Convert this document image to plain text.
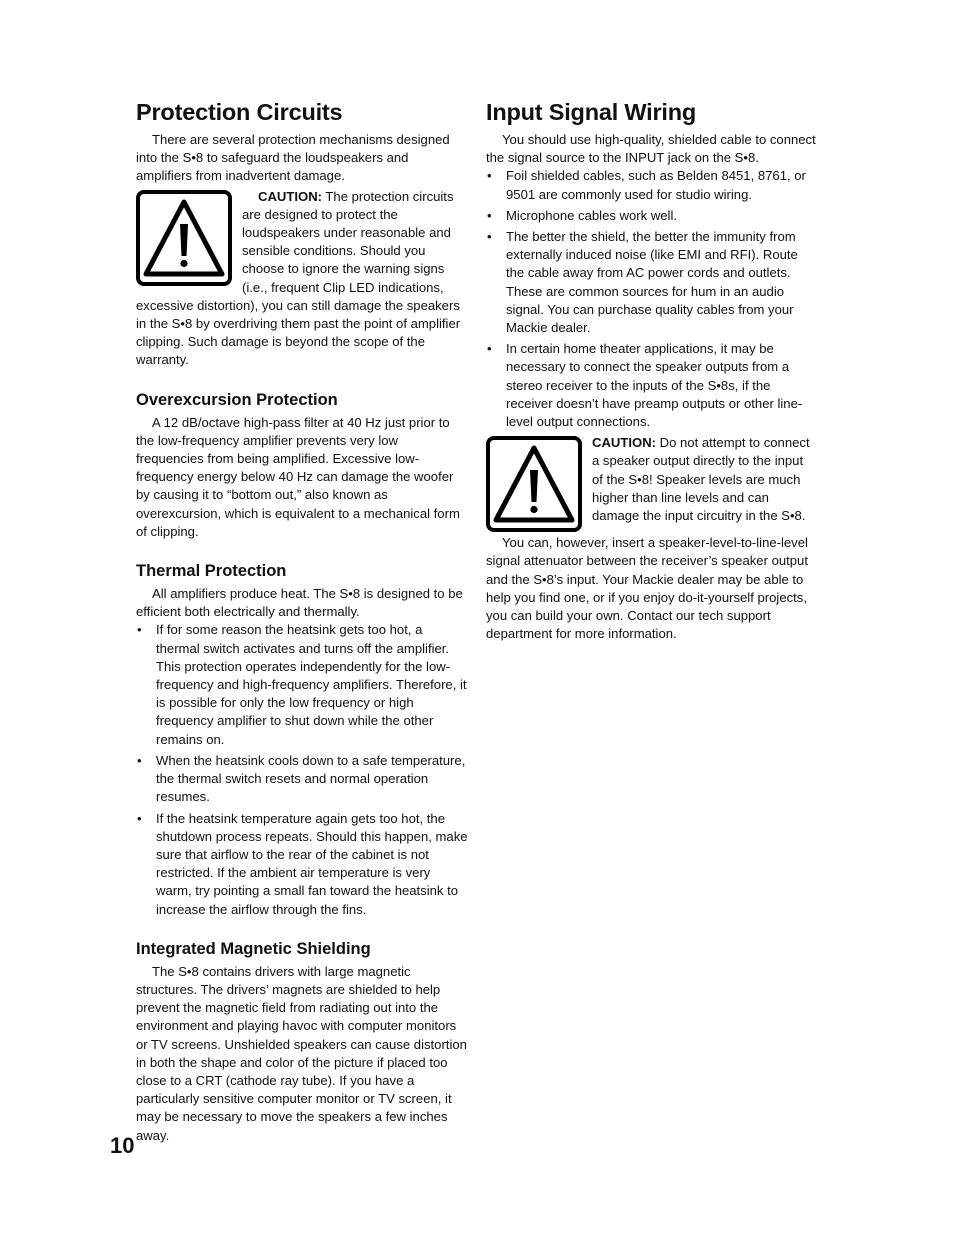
Protection Circuits

There are several protection mechanisms designed into the S•8 to safeguard the loudspeakers and amplifiers from inadvertent damage.

CAUTION: The protection circuits are designed to protect the loudspeakers under reasonable and sensible conditions. Should you choose to ignore the warning signs (i.e., frequent Clip LED indications, excessive distortion), you can still damage the speakers in the S•8 by overdriving them past the point of amplifier clipping. Such damage is beyond the scope of the warranty.

Overexcursion Protection

A 12 dB/octave high-pass filter at 40 Hz just prior to the low-frequency amplifier prevents very low frequencies from being amplified. Excessive low-frequency energy below 40 Hz can damage the woofer by causing it to “bottom out,” also known as overexcursion, which is equivalent to a mechanical form of clipping.

Thermal Protection

All amplifiers produce heat. The S•8 is designed to be efficient both electrically and thermally.

• If for some reason the heatsink gets too hot, a thermal switch activates and turns off the amplifier. This protection operates independently for the low-frequency and high-frequency amplifiers. Therefore, it is possible for only the low frequency or high frequency amplifier to shut down while the other remains on.
• When the heatsink cools down to a safe temperature, the thermal switch resets and normal operation resumes.
• If the heatsink temperature again gets too hot, the shutdown process repeats. Should this happen, make sure that airflow to the rear of the cabinet is not restricted. If the ambient air temperature is very warm, try pointing a small fan toward the heatsink to increase the airflow through the fins.
Integrated Magnetic Shielding

The S•8 contains drivers with large magnetic structures. The drivers’ magnets are shielded to help prevent the magnetic field from radiating out into the environment and playing havoc with computer monitors or TV screens. Unshielded speakers can cause distortion in both the shape and color of the picture if placed too close to a CRT (cathode ray tube). If you have a particularly sensitive computer monitor or TV screen, it may be necessary to move the speakers a few inches away.

Input Signal Wiring

You should use high-quality, shielded cable to connect the signal source to the INPUT jack on the S•8.

• Foil shielded cables, such as Belden 8451, 8761, or 9501 are commonly used for studio wiring.
• Microphone cables work well.
• The better the shield, the better the immunity from externally induced noise (like EMI and RFI). Route the cable away from AC power cords and outlets. These are common sources for hum in an audio signal. You can purchase quality cables from your Mackie dealer.
• In certain home theater applications, it may be necessary to connect the speaker outputs from a stereo receiver to the inputs of the S•8s, if the receiver doesn’t have preamp outputs or other line-level output connections.

CAUTION: Do not attempt to connect a speaker output directly to the input of the S•8! Speaker levels are much higher than line levels and can damage the input circuitry in the S•8.

You can, however, insert a speaker-level-to-line-level signal attenuator between the receiver’s speaker output and the S•8’s input. Your Mackie dealer may be able to help you find one, or if you enjoy do-it-yourself projects, you can build your own. Contact our tech support department for more information.

10
